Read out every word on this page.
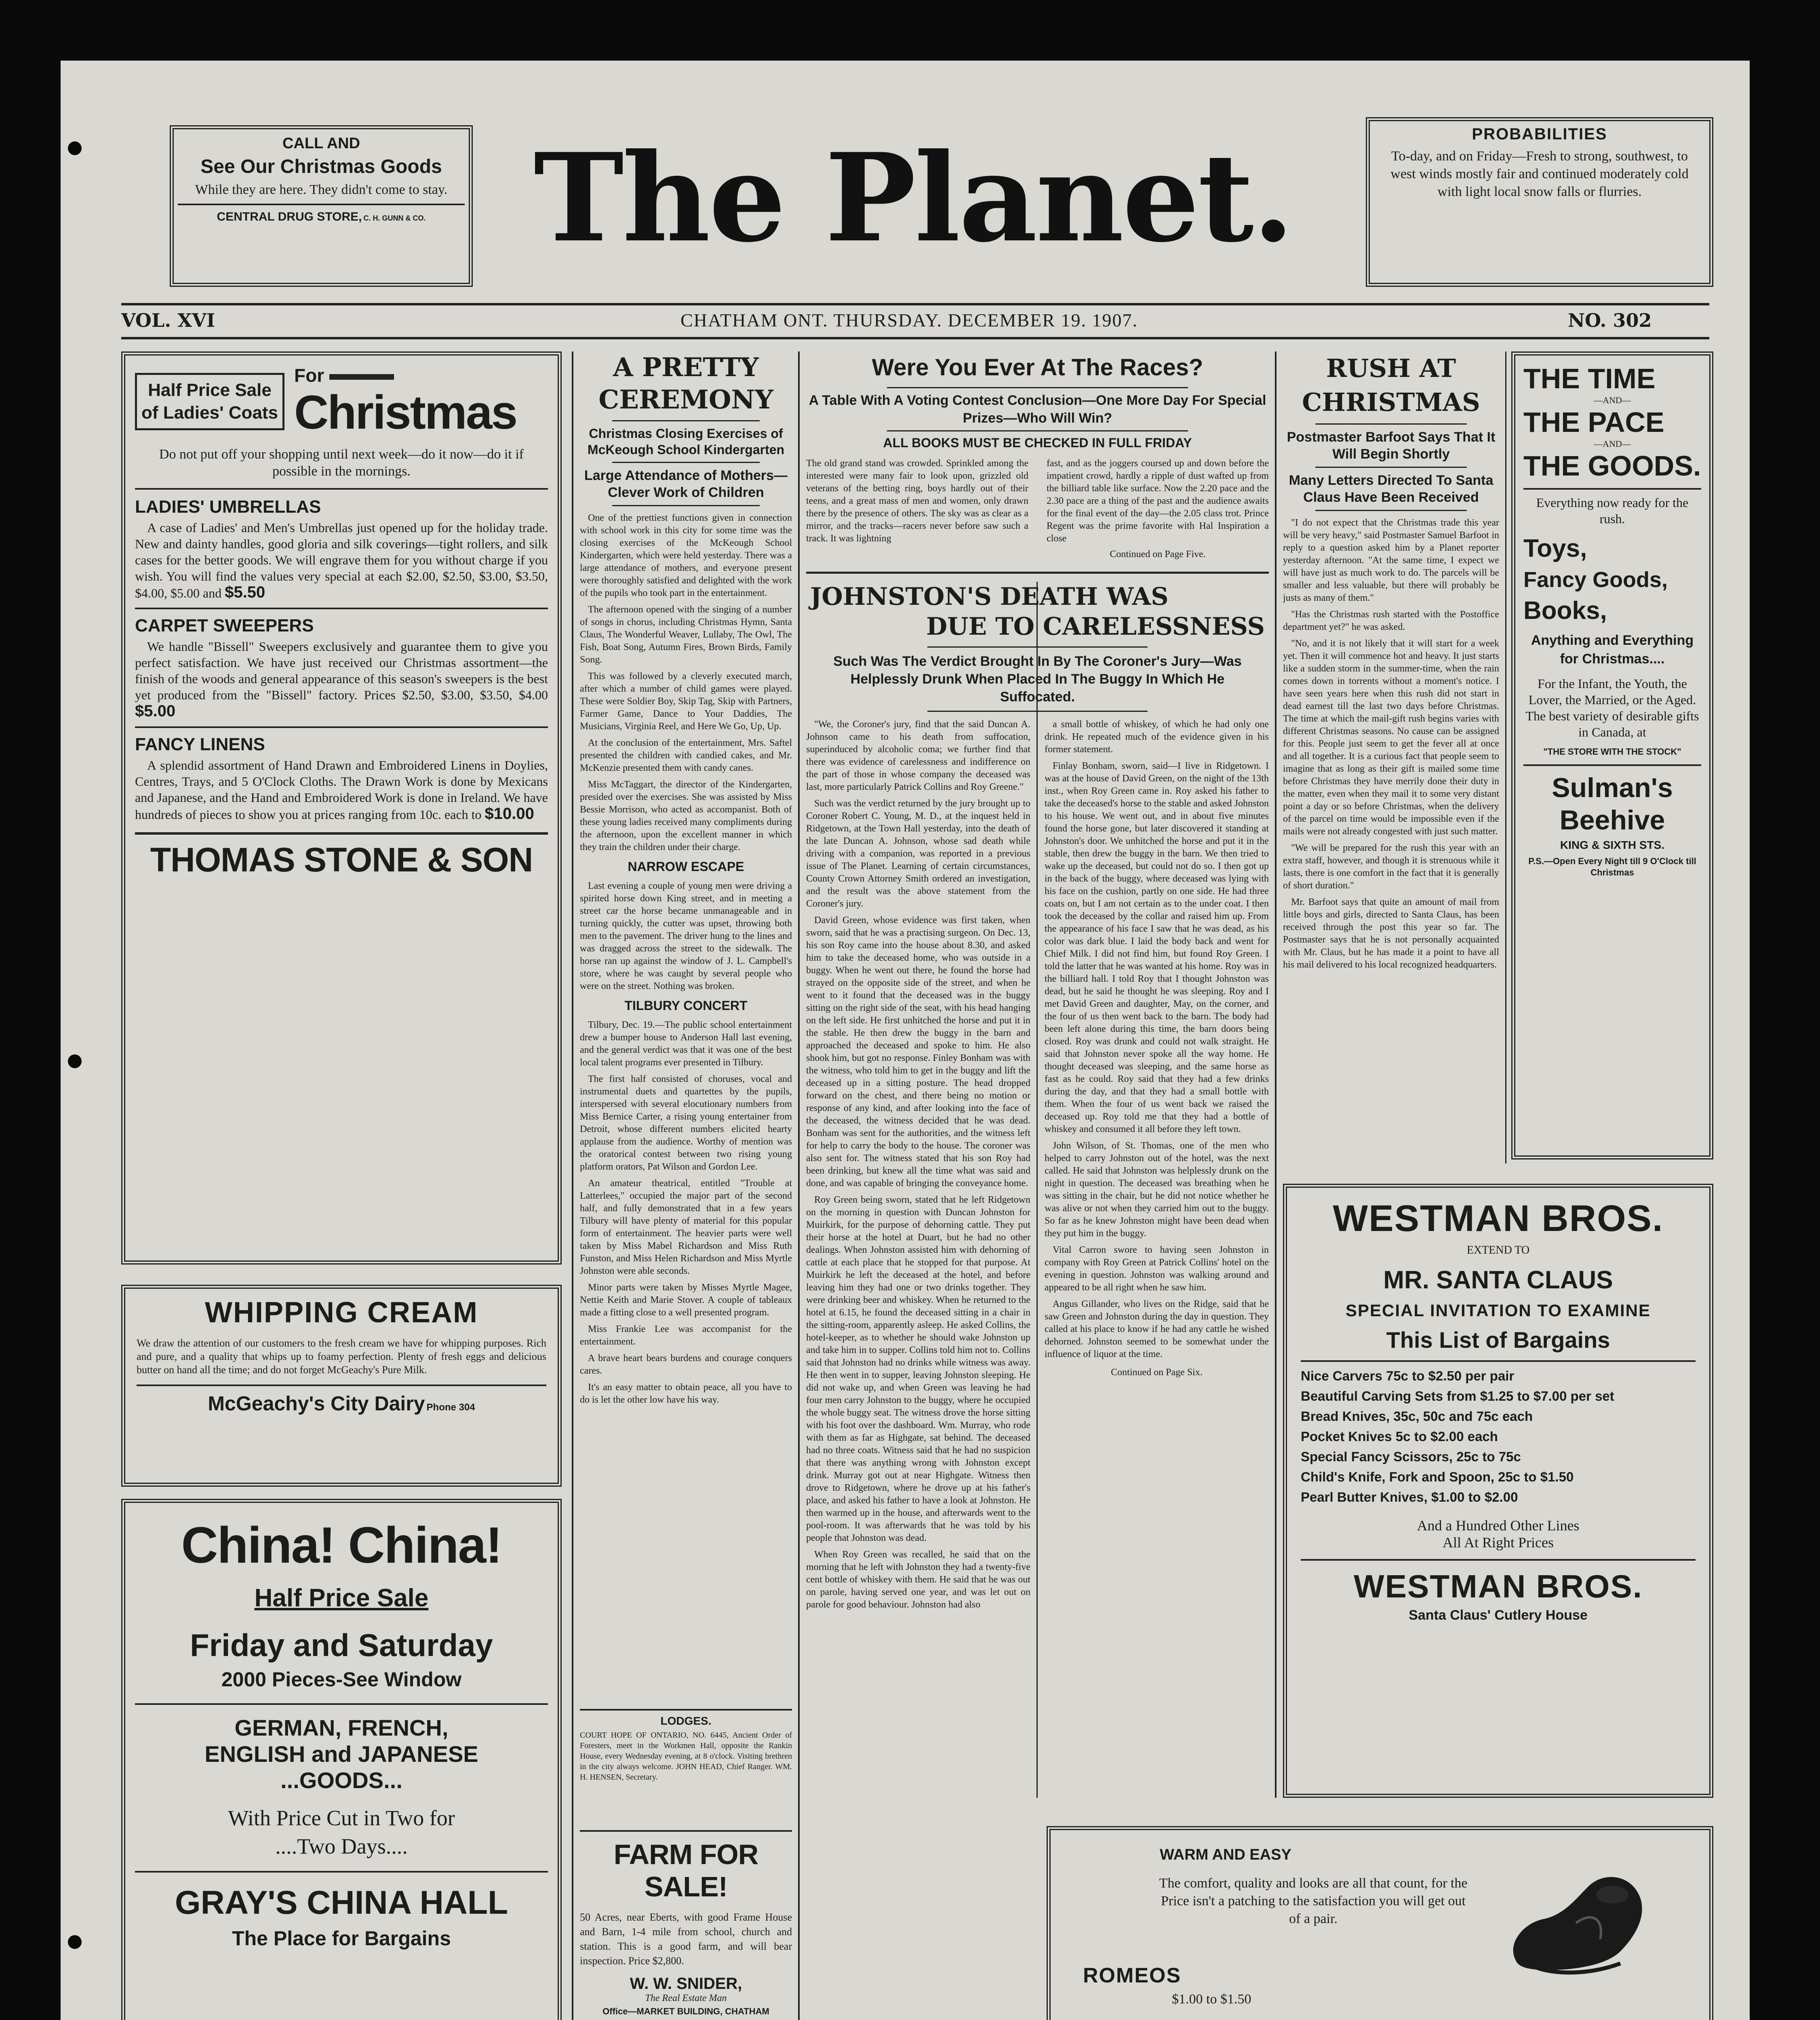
CALL AND
See Our Christmas Goods
While they are here. They didn't come to stay.
CENTRAL DRUG STORE, C. H. GUNN & CO. The Planet.	PROBABILITIES
To-day, and on Friday—Fresh to strong, southwest, to west winds mostly fair and continued moderately cold with light local snow falls or flurries.
VOL. XVI	CHATHAM ONT. THURSDAY. DECEMBER 19. 1907.	NO. 302
Half Price Sale of Ladies' Coats
For
Christmas
Do not put off your shopping until next week—do it now—do it if possible in the mornings.
LADIES' UMBRELLAS
A case of Ladies' and Men's Umbrellas just opened up for the holiday trade. New and dainty handles, good gloria and silk coverings—tight rollers, and silk cases for the better goods. We will engrave them for you without charge if you wish. You will find the values very special at each $2.00, $2.50, $3.00, $3.50, $4.00, $5.00 and $5.50
CARPET SWEEPERS
We handle "Bissell" Sweepers exclusively and guarantee them to give you perfect satisfaction. We have just received our Christmas assortment—the finish of the woods and general appearance of this season's sweepers is the best yet produced from the "Bissell" factory. Prices $2.50, $3.00, $3.50, $4.00 $5.00
FANCY LINENS
A splendid assortment of Hand Drawn and Embroidered Linens in Doylies, Centres, Trays, and 5 O'Clock Cloths. The Drawn Work is done by Mexicans and Japanese, and the Hand and Embroidered Work is done in Ireland. We have hundreds of pieces to show you at prices ranging from 10c. each to $10.00
THOMAS STONE & SON
WHIPPING CREAM
We draw the attention of our customers to the fresh cream we have for whipping purposes. Rich and pure, and a quality that whips up to foamy perfection. Plenty of fresh eggs and delicious butter on hand all the time; and do not forget McGeachy's Pure Milk.
McGeachy's City Dairy Phone 304
China! China!
Half Price Sale
Friday and Saturday
2000 Pieces-See Window
GERMAN, FRENCH,
ENGLISH and JAPANESE
...GOODS...
With Price Cut in Two for
....Two Days....
GRAY'S CHINA HALL
The Place for Bargains
A PRETTY CEREMONY
Christmas Closing Exercises of McKeough School Kindergarten
Large Attendance of Mothers—Clever Work of Children

One of the prettiest functions given in connection with school work in this city for some time was the closing exercises of the McKeough School Kindergarten, which were held yesterday. There was a large attendance of mothers, and everyone present were thoroughly satisfied and delighted with the work of the pupils who took part in the entertainment.

The afternoon opened with the singing of a number of songs in chorus, including Christmas Hymn, Santa Claus, The Wonderful Weaver, Lullaby, The Owl, The Fish, Boat Song, Autumn Fires, Brown Birds, Family Song.

This was followed by a cleverly executed march, after which a number of child games were played. These were Soldier Boy, Skip Tag, Skip with Partners, Farmer Game, Dance to Your Daddies, The Musicians, Virginia Reel, and Here We Go, Up, Up.

At the conclusion of the entertainment, Mrs. Saftel presented the children with candied cakes, and Mr. McKenzie presented them with candy canes.

Miss McTaggart, the director of the Kindergarten, presided over the exercises. She was assisted by Miss Bessie Morrison, who acted as accompanist. Both of these young ladies received many compliments during the afternoon, upon the excellent manner in which they train the children under their charge.

NARROW ESCAPE

Last evening a couple of young men were driving a spirited horse down King street, and in meeting a street car the horse became unmanageable and in turning quickly, the cutter was upset, throwing both men to the pavement. The driver hung to the lines and was dragged across the street to the sidewalk. The horse ran up against the window of J. L. Campbell's store, where he was caught by several people who were on the street. Nothing was broken.

TILBURY CONCERT

Tilbury, Dec. 19.—The public school entertainment drew a bumper house to Anderson Hall last evening, and the general verdict was that it was one of the best local talent programs ever presented in Tilbury.

The first half consisted of choruses, vocal and instrumental duets and quartettes by the pupils, interspersed with several elocutionary numbers from Miss Bernice Carter, a rising young entertainer from Detroit, whose different numbers elicited hearty applause from the audience. Worthy of mention was the oratorical contest between two rising young platform orators, Pat Wilson and Gordon Lee.

An amateur theatrical, entitled "Trouble at Latterlees," occupied the major part of the second half, and fully demonstrated that in a few years Tilbury will have plenty of material for this popular form of entertainment. The heavier parts were well taken by Miss Mabel Richardson and Miss Ruth Funston, and Miss Helen Richardson and Miss Myrtle Johnston were able seconds.

Minor parts were taken by Misses Myrtle Magee, Nettie Keith and Marie Stover. A couple of tableaux made a fitting close to a well presented program.

Miss Frankie Lee was accompanist for the entertainment.

A brave heart bears burdens and courage conquers cares.

It's an easy matter to obtain peace, all you have to do is let the other low have his way.

LODGES.
COURT HOPE OF ONTARIO, NO. 6445, Ancient Order of Foresters, meet in the Workmen Hall, opposite the Rankin House, every Wednesday evening, at 8 o'clock. Visiting brethren in the city always welcome. JOHN HEAD, Chief Ranger. WM. H. HENSEN, Secretary.
FARM FOR SALE!
50 Acres, near Eberts, with good Frame House and Barn, 1-4 mile from school, church and station. This is a good farm, and will bear inspection. Price $2,800.
W. W. SNIDER,
The Real Estate Man
Office—MARKET BUILDING, CHATHAM
Were You Ever At The Races?
A Table With A Voting Contest Conclusion—One More Day For Special Prizes—Who Will Win?
ALL BOOKS MUST BE CHECKED IN FULL FRIDAY
The old grand stand was crowded. Sprinkled among the interested were many fair to look upon, grizzled old veterans of the betting ring, boys hardly out of their teens, and a great mass of men and women, only drawn there by the presence of others. The sky was as clear as a mirror, and the tracks—racers never before saw such a track. It was lightning
fast, and as the joggers coursed up and down before the impatient crowd, hardly a ripple of dust wafted up from the billiard table like surface. Now the 2.20 pace and the 2.30 pace are a thing of the past and the audience awaits for the final event of the day—the 2.05 class trot. Prince Regent was the prime favorite with Hal Inspiration a close
Continued on Page Five.
JOHNSTON'S DEATH WAS
DUE TO CARELESSNESS
Such Was The Verdict Brought In By The Coroner's Jury—Was Helplessly Drunk When Placed In The Buggy In Which He Suffocated.

"We, the Coroner's jury, find that the said Duncan A. Johnson came to his death from suffocation, superinduced by alcoholic coma; we further find that there was evidence of carelessness and indifference on the part of those in whose company the deceased was last, more particularly Patrick Collins and Roy Greene."

Such was the verdict returned by the jury brought up to Coroner Robert C. Young, M. D., at the inquest held in Ridgetown, at the Town Hall yesterday, into the death of the late Duncan A. Johnson, whose sad death while driving with a companion, was reported in a previous issue of The Planet. Learning of certain circumstances, County Crown Attorney Smith ordered an investigation, and the result was the above statement from the Coroner's jury.

David Green, whose evidence was first taken, when sworn, said that he was a practising surgeon. On Dec. 13, his son Roy came into the house about 8.30, and asked him to take the deceased home, who was outside in a buggy. When he went out there, he found the horse had strayed on the opposite side of the street, and when he went to it found that the deceased was in the buggy sitting on the right side of the seat, with his head hanging on the left side. He first unhitched the horse and put it in the stable. He then drew the buggy in the barn and approached the deceased and spoke to him. He also shook him, but got no response. Finley Bonham was with the witness, who told him to get in the buggy and lift the deceased up in a sitting posture. The head dropped forward on the chest, and there being no motion or response of any kind, and after looking into the face of the deceased, the witness decided that he was dead. Bonham was sent for the authorities, and the witness left for help to carry the body to the house. The coroner was also sent for. The witness stated that his son Roy had been drinking, but knew all the time what was said and done, and was capable of bringing the conveyance home.

Roy Green being sworn, stated that he left Ridgetown on the morning in question with Duncan Johnston for Muirkirk, for the purpose of dehorning cattle. They put their horse at the hotel at Duart, but he had no other dealings. When Johnston assisted him with dehorning of cattle at each place that he stopped for that purpose. At Muirkirk he left the deceased at the hotel, and before leaving him they had one or two drinks together. They were drinking beer and whiskey. When he returned to the hotel at 6.15, he found the deceased sitting in a chair in the sitting-room, apparently asleep. He asked Collins, the hotel-keeper, as to whether he should wake Johnston up and take him in to supper. Collins told him not to. Collins said that Johnston had no drinks while witness was away. He then went in to supper, leaving Johnston sleeping. He did not wake up, and when Green was leaving he had four men carry Johnston to the buggy, where he occupied the whole buggy seat. The witness drove the horse sitting with his foot over the dashboard. Wm. Murray, who rode with them as far as Highgate, sat behind. The deceased had no three coats. Witness said that he had no suspicion that there was anything wrong with Johnston except drink. Murray got out at near Highgate. Witness then drove to Ridgetown, where he drove up at his father's place, and asked his father to have a look at Johnston. He then warmed up in the house, and afterwards went to the pool-room. It was afterwards that he was told by his people that Johnston was dead.

When Roy Green was recalled, he said that on the morning that he left with Johnston they had a twenty-five cent bottle of whiskey with them. He said that he was out on parole, having served one year, and was let out on parole for good behaviour. Johnston had also

a small bottle of whiskey, of which he had only one drink. He repeated much of the evidence given in his former statement.

Finlay Bonham, sworn, said—I live in Ridgetown. I was at the house of David Green, on the night of the 13th inst., when Roy Green came in. Roy asked his father to take the deceased's horse to the stable and asked Johnston to his house. We went out, and in about five minutes found the horse gone, but later discovered it standing at Johnston's door. We unhitched the horse and put it in the stable, then drew the buggy in the barn. We then tried to wake up the deceased, but could not do so. I then got up in the back of the buggy, where deceased was lying with his face on the cushion, partly on one side. He had three coats on, but I am not certain as to the under coat. I then took the deceased by the collar and raised him up. From the appearance of his face I saw that he was dead, as his color was dark blue. I laid the body back and went for Chief Milk. I did not find him, but found Roy Green. I told the latter that he was wanted at his home. Roy was in the billiard hall. I told Roy that I thought Johnston was dead, but he said he thought he was sleeping. Roy and I met David Green and daughter, May, on the corner, and the four of us then went back to the barn. The body had been left alone during this time, the barn doors being closed. Roy was drunk and could not walk straight. He said that Johnston never spoke all the way home. He thought deceased was sleeping, and the same horse as fast as he could. Roy said that they had a few drinks during the day, and that they had a small bottle with them. When the four of us went back we raised the deceased up. Roy told me that they had a bottle of whiskey and consumed it all before they left town.

John Wilson, of St. Thomas, one of the men who helped to carry Johnston out of the hotel, was the next called. He said that Johnston was helplessly drunk on the night in question. The deceased was breathing when he was sitting in the chair, but he did not notice whether he was alive or not when they carried him out to the buggy. So far as he knew Johnston might have been dead when they put him in the buggy.

Vital Carron swore to having seen Johnston in company with Roy Green at Patrick Collins' hotel on the evening in question. Johnston was walking around and appeared to be all right when he saw him.

Angus Gillander, who lives on the Ridge, said that he saw Green and Johnston during the day in question. They called at his place to know if he had any cattle he wished dehorned. Johnston seemed to be somewhat under the influence of liquor at the time.

Continued on Page Six.
RUSH AT CHRISTMAS
Postmaster Barfoot Says That It Will Begin Shortly
Many Letters Directed To Santa Claus Have Been Received

"I do not expect that the Christmas trade this year will be very heavy," said Postmaster Samuel Barfoot in reply to a question asked him by a Planet reporter yesterday afternoon. "At the same time, I expect we will have just as much work to do. The parcels will be smaller and less valuable, but there will probably be justs as many of them."

"Has the Christmas rush started with the Postoffice department yet?" he was asked.

"No, and it is not likely that it will start for a week yet. Then it will commence hot and heavy. It just starts like a sudden storm in the summer-time, when the rain comes down in torrents without a moment's notice. I have seen years here when this rush did not start in dead earnest till the last two days before Christmas. The time at which the mail-gift rush begins varies with different Christmas seasons. No cause can be assigned for this. People just seem to get the fever all at once and all together. It is a curious fact that people seem to imagine that as long as their gift is mailed some time before Christmas they have merrily done their duty in the matter, even when they mail it to some very distant point a day or so before Christmas, when the delivery of the parcel on time would be impossible even if the mails were not already congested with just such matter.

"We will be prepared for the rush this year with an extra staff, however, and though it is strenuous while it lasts, there is one comfort in the fact that it is generally of short duration."

Mr. Barfoot says that quite an amount of mail from little boys and girls, directed to Santa Claus, has been received through the post this year so far. The Postmaster says that he is not personally acquainted with Mr. Claus, but he has made it a point to have all his mail delivered to his local recognized headquarters.

THE TIME
—AND—
THE PACE
—AND—
THE GOODS.
Everything now ready for the rush.
Toys,
Fancy Goods,
Books,
Anything and Everything for Christmas....
For the Infant, the Youth, the Lover, the Married, or the Aged. The best variety of desirable gifts in Canada, at
"THE STORE WITH THE STOCK"
Sulman's
Beehive
KING & SIXTH STS.
P.S.—Open Every Night till 9 O'Clock till Christmas
WESTMAN BROS.
EXTEND TO
MR. SANTA CLAUS
SPECIAL INVITATION TO EXAMINE
This List of Bargains
Nice Carvers 75c to $2.50 per pair
Beautiful Carving Sets from $1.25 to $7.00 per set
Bread Knives, 35c, 50c and 75c each
Pocket Knives 5c to $2.00 each
Special Fancy Scissors, 25c to 75c
Child's Knife, Fork and Spoon, 25c to $1.50
Pearl Butter Knives, $1.00 to $2.00
And a Hundred Other Lines
All At Right Prices
WESTMAN BROS.
Santa Claus' Cutlery House
WARM AND EASY
The comfort, quality and looks are all that count, for the Price isn't a patching to the satisfaction you will get out of a pair.
ROMEOS
$1.00 to $1.50
